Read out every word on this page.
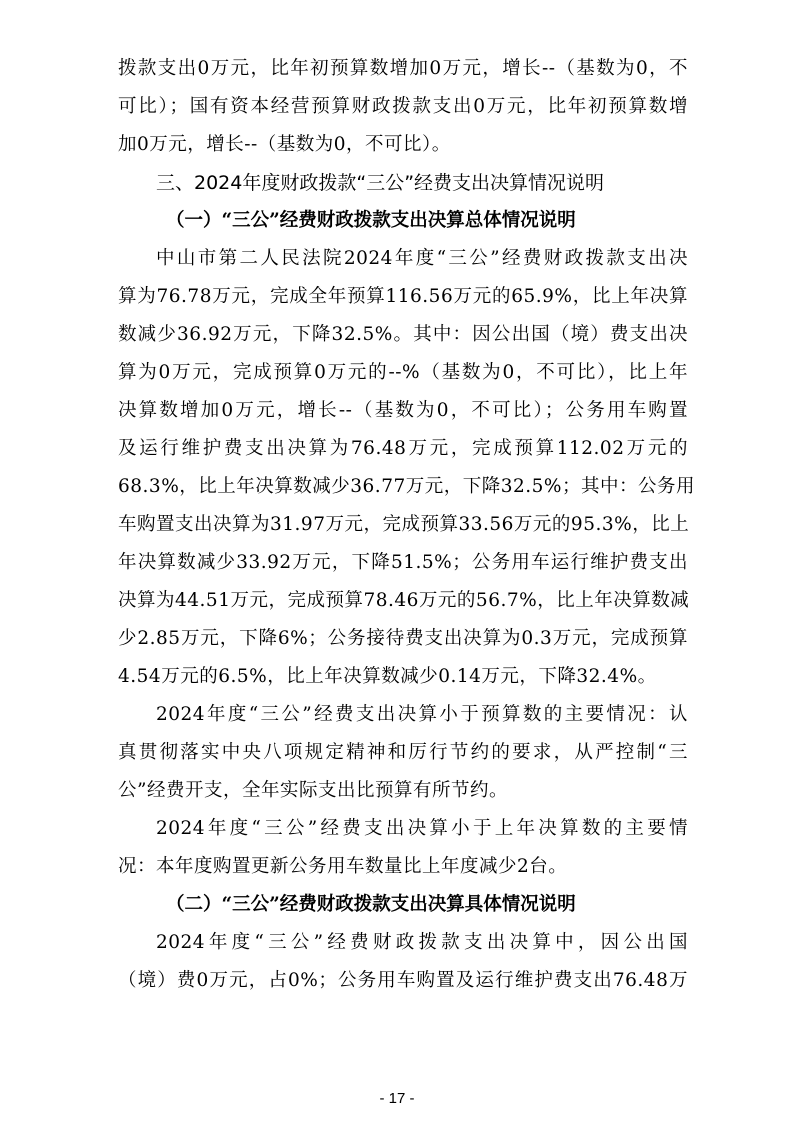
拨款支出0万元，比年初预算数增加0万元，增长--（基数为0，不
可比）；国有资本经营预算财政拨款支出0万元，比年初预算数增
加0万元，增长--（基数为0，不可比）。
三、2024年度财政拨款“三公”经费支出决算情况说明
（一）“三公”经费财政拨款支出决算总体情况说明
中山市第二人民法院2024年度“三公”经费财政拨款支出决
算为76.78万元，完成全年预算116.56万元的65.9%，比上年决算
数减少36.92万元，下降32.5%。其中：因公出国（境）费支出决
算为0万元，完成预算0万元的--%（基数为0，不可比），比上年
决算数增加0万元，增长--（基数为0，不可比）；公务用车购置
及运行维护费支出决算为76.48万元，完成预算112.02万元的
68.3%，比上年决算数减少36.77万元，下降32.5%；其中：公务用
车购置支出决算为31.97万元，完成预算33.56万元的95.3%，比上
年决算数减少33.92万元，下降51.5%；公务用车运行维护费支出
决算为44.51万元，完成预算78.46万元的56.7%，比上年决算数减
少2.85万元，下降6%；公务接待费支出决算为0.3万元，完成预算
4.54万元的6.5%，比上年决算数减少0.14万元，下降32.4%。
2024年度“三公”经费支出决算小于预算数的主要情况：认
真贯彻落实中央八项规定精神和厉行节约的要求，从严控制“三
公”经费开支，全年实际支出比预算有所节约。
2024年度“三公”经费支出决算小于上年决算数的主要情
况：本年度购置更新公务用车数量比上年度减少2台。
（二）“三公”经费财政拨款支出决算具体情况说明
2024年度“三公”经费财政拨款支出决算中，因公出国
（境）费0万元，占0%；公务用车购置及运行维护费支出76.48万
- 17 -
